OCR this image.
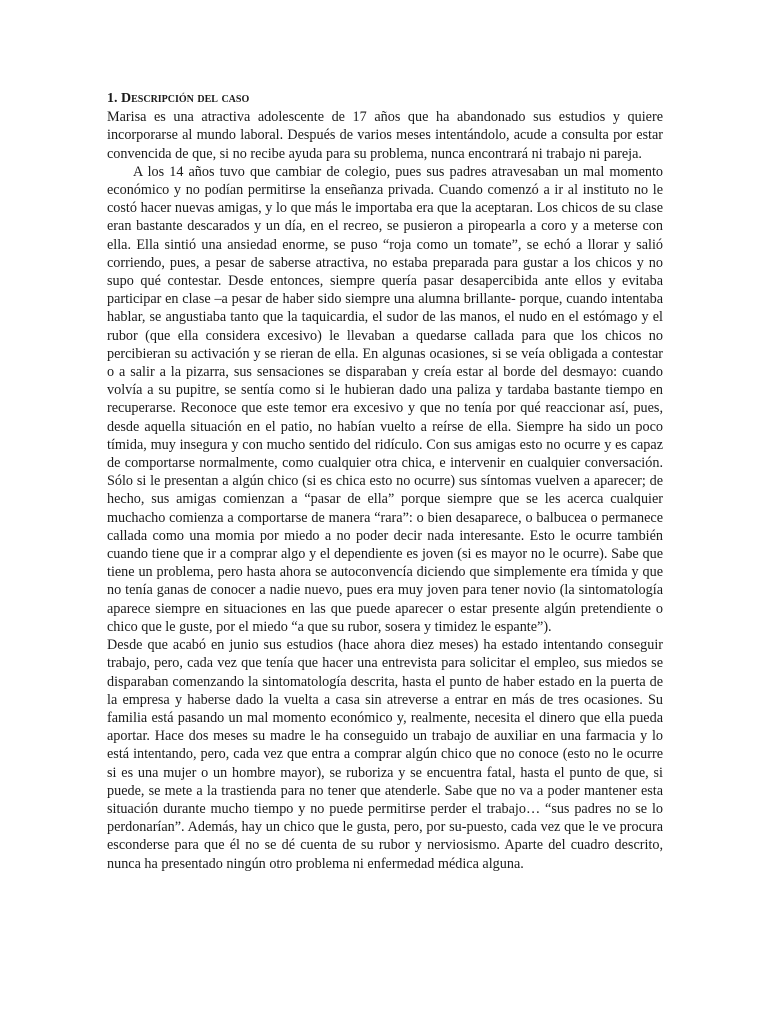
1. Descripción del caso

Marisa es una atractiva adolescente de 17 años que ha abandonado sus estudios y quiere incorporarse al mundo laboral. Después de varios meses intentándolo, acude a consulta por estar convencida de que, si no recibe ayuda para su problema, nunca encontrará ni trabajo ni pareja.

A los 14 años tuvo que cambiar de colegio, pues sus padres atravesaban un mal momento económico y no podían permitirse la enseñanza privada. Cuando comenzó a ir al instituto no le costó hacer nuevas amigas, y lo que más le importaba era que la aceptaran. Los chicos de su clase eran bastante descarados y un día, en el recreo, se pusieron a piropearla a coro y a meterse con ella. Ella sintió una ansiedad enorme, se puso “roja como un tomate”, se echó a llorar y salió corriendo, pues, a pesar de saberse atractiva, no estaba preparada para gustar a los chicos y no supo qué contestar. Desde entonces, siempre quería pasar desapercibida ante ellos y evitaba participar en clase –a pesar de haber sido siempre una alumna brillante- porque, cuando intentaba hablar, se angustiaba tanto que la taquicardia, el sudor de las manos, el nudo en el estómago y el rubor (que ella considera excesivo) le llevaban a quedarse callada para que los chicos no percibieran su activación y se rieran de ella. En algunas ocasiones, si se veía obligada a contestar o a salir a la pizarra, sus sensaciones se disparaban y creía estar al borde del desmayo: cuando volvía a su pupitre, se sentía como si le hubieran dado una paliza y tardaba bastante tiempo en recuperarse. Reconoce que este temor era excesivo y que no tenía por qué reaccionar así, pues, desde aquella situación en el patio, no habían vuelto a reírse de ella. Siempre ha sido un poco tímida, muy insegura y con mucho sentido del ridículo. Con sus amigas esto no ocurre y es capaz de comportarse normalmente, como cualquier otra chica, e intervenir en cualquier conversación. Sólo si le presentan a algún chico (si es chica esto no ocurre) sus síntomas vuelven a aparecer; de hecho, sus amigas comienzan a “pasar de ella” porque siempre que se les acerca cualquier muchacho comienza a comportarse de manera “rara”: o bien desaparece, o balbucea o permanece callada como una momia por miedo a no poder decir nada interesante. Esto le ocurre también cuando tiene que ir a comprar algo y el dependiente es joven (si es mayor no le ocurre). Sabe que tiene un problema, pero hasta ahora se autoconvencía diciendo que simplemente era tímida y que no tenía ganas de conocer a nadie nuevo, pues era muy joven para tener novio (la sintomatología aparece siempre en situaciones en las que puede aparecer o estar presente algún pretendiente o chico que le guste, por el miedo “a que su rubor, sosera y timidez le espante”).

Desde que acabó en junio sus estudios (hace ahora diez meses) ha estado intentando conseguir trabajo, pero, cada vez que tenía que hacer una entrevista para solicitar el empleo, sus miedos se disparaban comenzando la sintomatología descrita, hasta el punto de haber estado en la puerta de la empresa y haberse dado la vuelta a casa sin atreverse a entrar en más de tres ocasiones. Su familia está pasando un mal momento económico y, realmente, necesita el dinero que ella pueda aportar. Hace dos meses su madre le ha conseguido un trabajo de auxiliar en una farmacia y lo está intentando, pero, cada vez que entra a comprar algún chico que no conoce (esto no le ocurre si es una mujer o un hombre mayor), se ruboriza y se encuentra fatal, hasta el punto de que, si puede, se mete a la trastienda para no tener que atenderle. Sabe que no va a poder mantener esta situación durante mucho tiempo y no puede permitirse perder el trabajo… “sus padres no se lo perdonarían”. Además, hay un chico que le gusta, pero, por su-puesto, cada vez que le ve procura esconderse para que él no se dé cuenta de su rubor y nerviosismo. Aparte del cuadro descrito, nunca ha presentado ningún otro problema ni enfermedad médica alguna.
